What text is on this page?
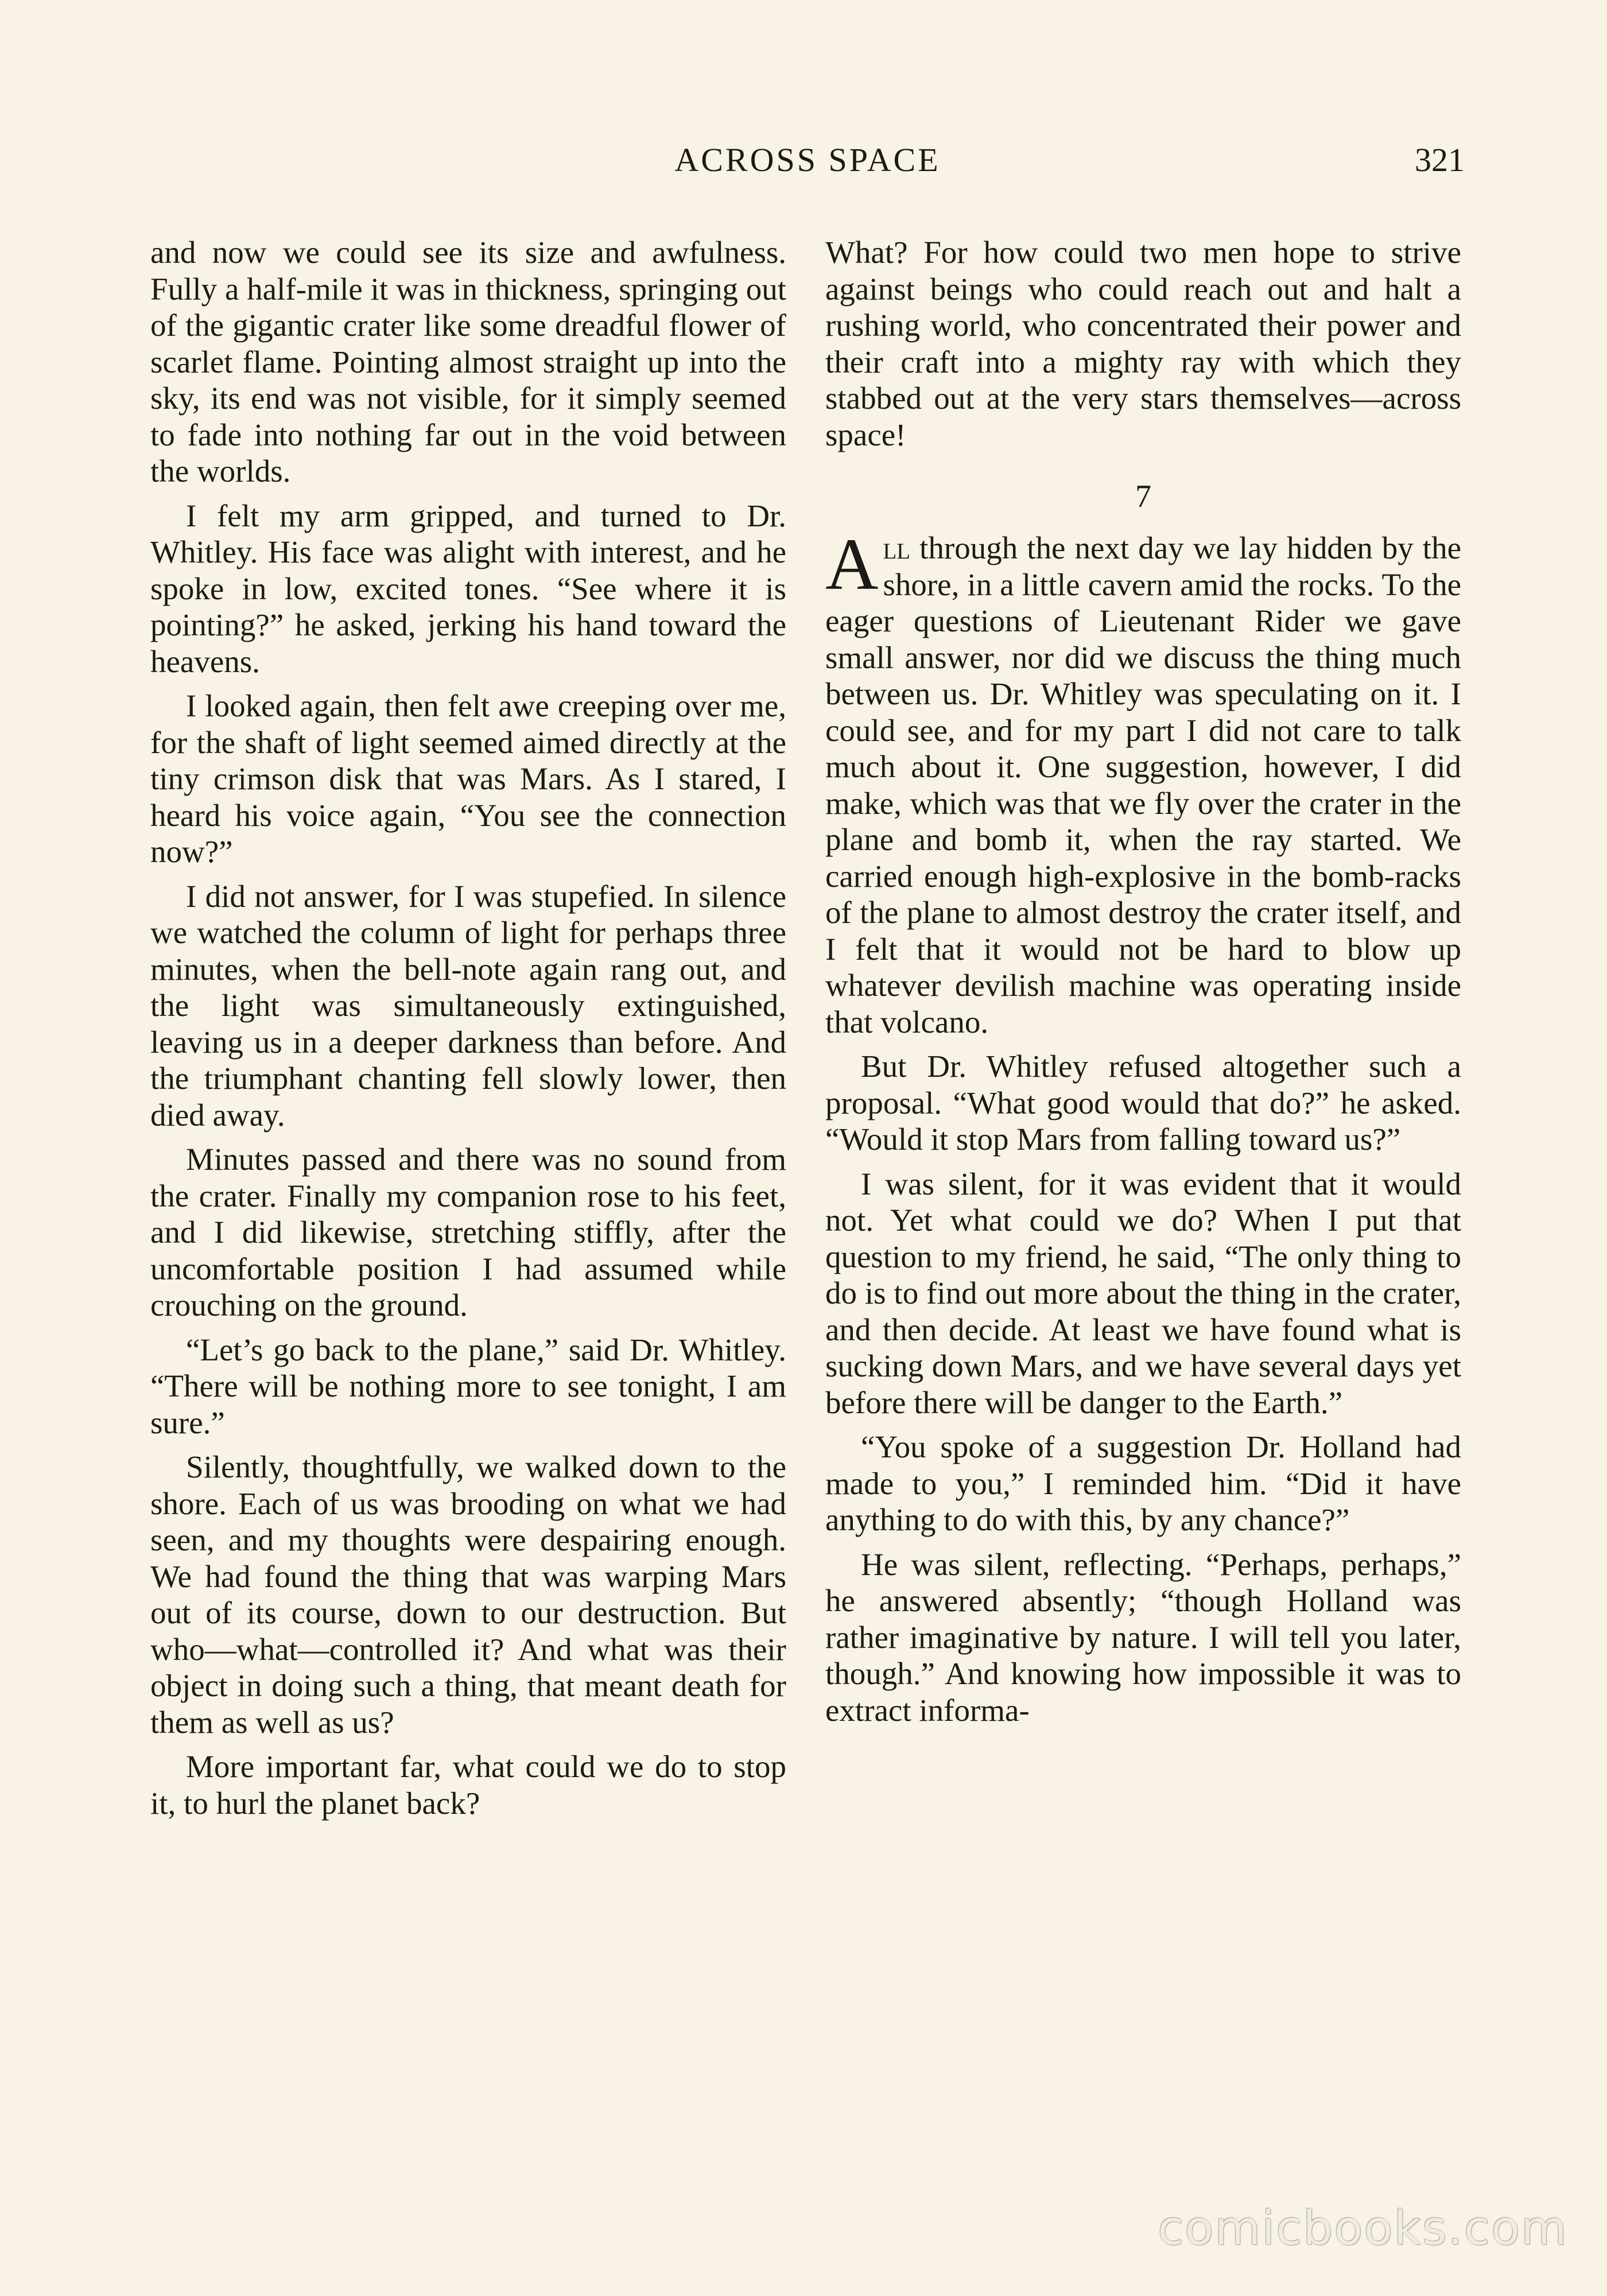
ACROSS SPACE	321

and now we could see its size and awfulness. Fully a half-mile it was in thickness, springing out of the gigantic crater like some dreadful flower of scarlet flame. Pointing almost straight up into the sky, its end was not visible, for it simply seemed to fade into nothing far out in the void between the worlds.

I felt my arm gripped, and turned to Dr. Whitley. His face was alight with interest, and he spoke in low, excited tones. “See where it is pointing?” he asked, jerking his hand toward the heavens.

I looked again, then felt awe creeping over me, for the shaft of light seemed aimed directly at the tiny crimson disk that was Mars. As I stared, I heard his voice again, “You see the connection now?”

I did not answer, for I was stupefied. In silence we watched the column of light for perhaps three minutes, when the bell-note again rang out, and the light was simultaneously extinguished, leaving us in a deeper darkness than before. And the triumphant chanting fell slowly lower, then died away.

Minutes passed and there was no sound from the crater. Finally my companion rose to his feet, and I did likewise, stretching stiffly, after the uncomfortable position I had assumed while crouching on the ground.

“Let’s go back to the plane,” said Dr. Whitley. “There will be nothing more to see tonight, I am sure.”

Silently, thoughtfully, we walked down to the shore. Each of us was brooding on what we had seen, and my thoughts were despairing enough. We had found the thing that was warping Mars out of its course, down to our destruction. But who—what—controlled it? And what was their object in doing such a thing, that meant death for them as well as us?

More important far, what could we do to stop it, to hurl the planet back?

What? For how could two men hope to strive against beings who could reach out and halt a rushing world, who concentrated their power and their craft into a mighty ray with which they stabbed out at the very stars themselves—across space!

7

All through the next day we lay hidden by the shore, in a little cavern amid the rocks. To the eager questions of Lieutenant Rider we gave small answer, nor did we discuss the thing much between us. Dr. Whitley was speculating on it. I could see, and for my part I did not care to talk much about it. One suggestion, however, I did make, which was that we fly over the crater in the plane and bomb it, when the ray started. We carried enough high-explosive in the bomb-racks of the plane to almost destroy the crater itself, and I felt that it would not be hard to blow up whatever devilish machine was operating inside that volcano.

But Dr. Whitley refused altogether such a proposal. “What good would that do?” he asked. “Would it stop Mars from falling toward us?”

I was silent, for it was evident that it would not. Yet what could we do? When I put that question to my friend, he said, “The only thing to do is to find out more about the thing in the crater, and then decide. At least we have found what is sucking down Mars, and we have several days yet before there will be danger to the Earth.”

“You spoke of a suggestion Dr. Holland had made to you,” I reminded him. “Did it have anything to do with this, by any chance?”

He was silent, reflecting. “Perhaps, perhaps,” he answered absently; “though Holland was rather imaginative by nature. I will tell you later, though.” And knowing how impossible it was to extract informa-

comicbooks.com
